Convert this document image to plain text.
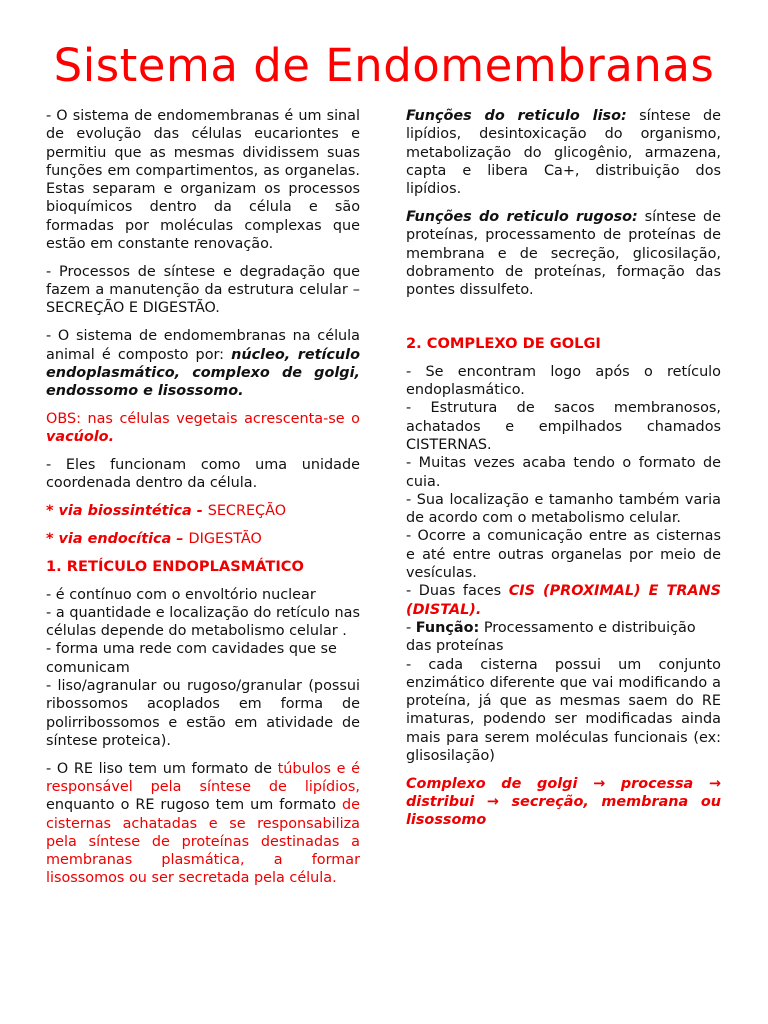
Sistema de Endomembranas

- O sistema de endomembranas é um sinal de evolução das células eucariontes e permitiu que as mesmas dividissem suas funções em compartimentos, as organelas. Estas separam e organizam os processos bioquímicos dentro da célula e são formadas por moléculas complexas que estão em constante renovação.

- Processos de síntese e degradação que fazem a manutenção da estrutura celular – SECREÇÃO E DIGESTÃO.

- O sistema de endomembranas na célula animal é composto por: núcleo, retículo endoplasmático, complexo de golgi, endossomo e lisossomo.

OBS: nas células vegetais acrescenta-se o vacúolo.

- Eles funcionam como uma unidade coordenada dentro da célula.

* via biossintética - SECREÇÃO

* via endocítica – DIGESTÃO

1. RETÍCULO ENDOPLASMÁTICO

- é contínuo com o envoltório nuclear

- a quantidade e localização do retículo nas células depende do metabolismo celular .

- forma uma rede com cavidades que se comunicam

- liso/agranular ou rugoso/granular (possui ribossomos acoplados em forma de polirribossomos e estão em atividade de síntese proteica).

- O RE liso tem um formato de túbulos e é responsável pela síntese de lipídios, enquanto o RE rugoso tem um formato de cisternas achatadas e se responsabiliza pela síntese de proteínas destinadas a membranas plasmática, a formar lisossomos ou ser secretada pela célula.

Funções do reticulo liso: síntese de lipídios, desintoxicação do organismo, metabolização do glicogênio, armazena, capta e libera Ca+, distribuição dos lipídios.

Funções do reticulo rugoso: síntese de proteínas, processamento de proteínas de membrana e de secreção, glicosilação, dobramento de proteínas, formação das pontes dissulfeto.

2. COMPLEXO DE GOLGI

- Se encontram logo após o retículo endoplasmático.

- Estrutura de sacos membranosos, achatados e empilhados chamados CISTERNAS.

- Muitas vezes acaba tendo o formato de cuia.

- Sua localização e tamanho também varia de acordo com o metabolismo celular.

- Ocorre a comunicação entre as cisternas e até entre outras organelas por meio de vesículas.

- Duas faces CIS (PROXIMAL) E TRANS (DISTAL).

- Função: Processamento e distribuição das proteínas

- cada cisterna possui um conjunto enzimático diferente que vai modificando a proteína, já que as mesmas saem do RE imaturas, podendo ser modificadas ainda mais para serem moléculas funcionais (ex: glisosilação)

Complexo de golgi → processa → distribui → secreção, membrana ou lisossomo
